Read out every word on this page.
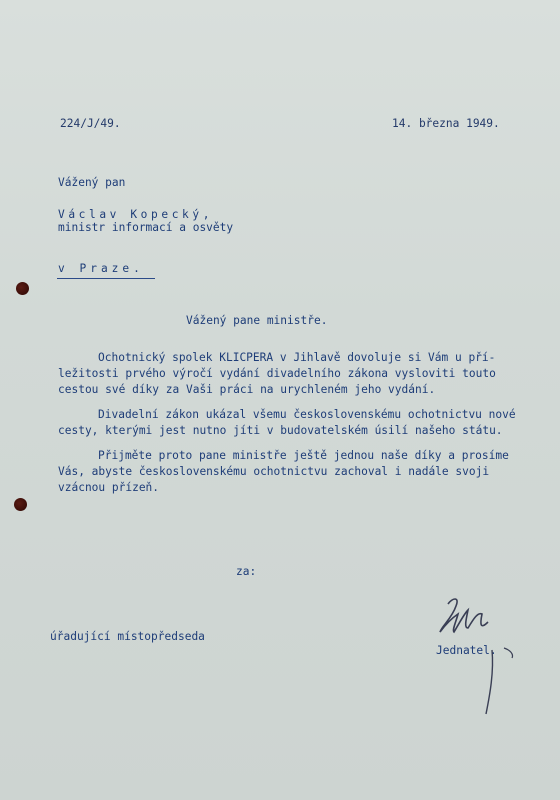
224/J/49.	14. března 1949.
Vážený pan
Václav Kopecký,
ministr informací a osvěty
v Praze.
Vážený pane ministře.
Ochotnický spolek KLICPERA v Jihlavě dovoluje si Vám u pří-
ležitosti prvého výročí vydání divadelního zákona vysloviti touto
cestou své díky za Vaši práci na urychleném jeho vydání.
Divadelní zákon ukázal všemu československému ochotnictvu nové
cesty, kterými jest nutno jíti v budovatelském úsilí našeho státu.
Přijměte proto pane ministře ještě jednou naše díky a prosíme
Vás, abyste československému ochotnictvu zachoval i nadále svoji
vzácnou přízeň.
za:
úřadující místopředseda
Jednatel.
